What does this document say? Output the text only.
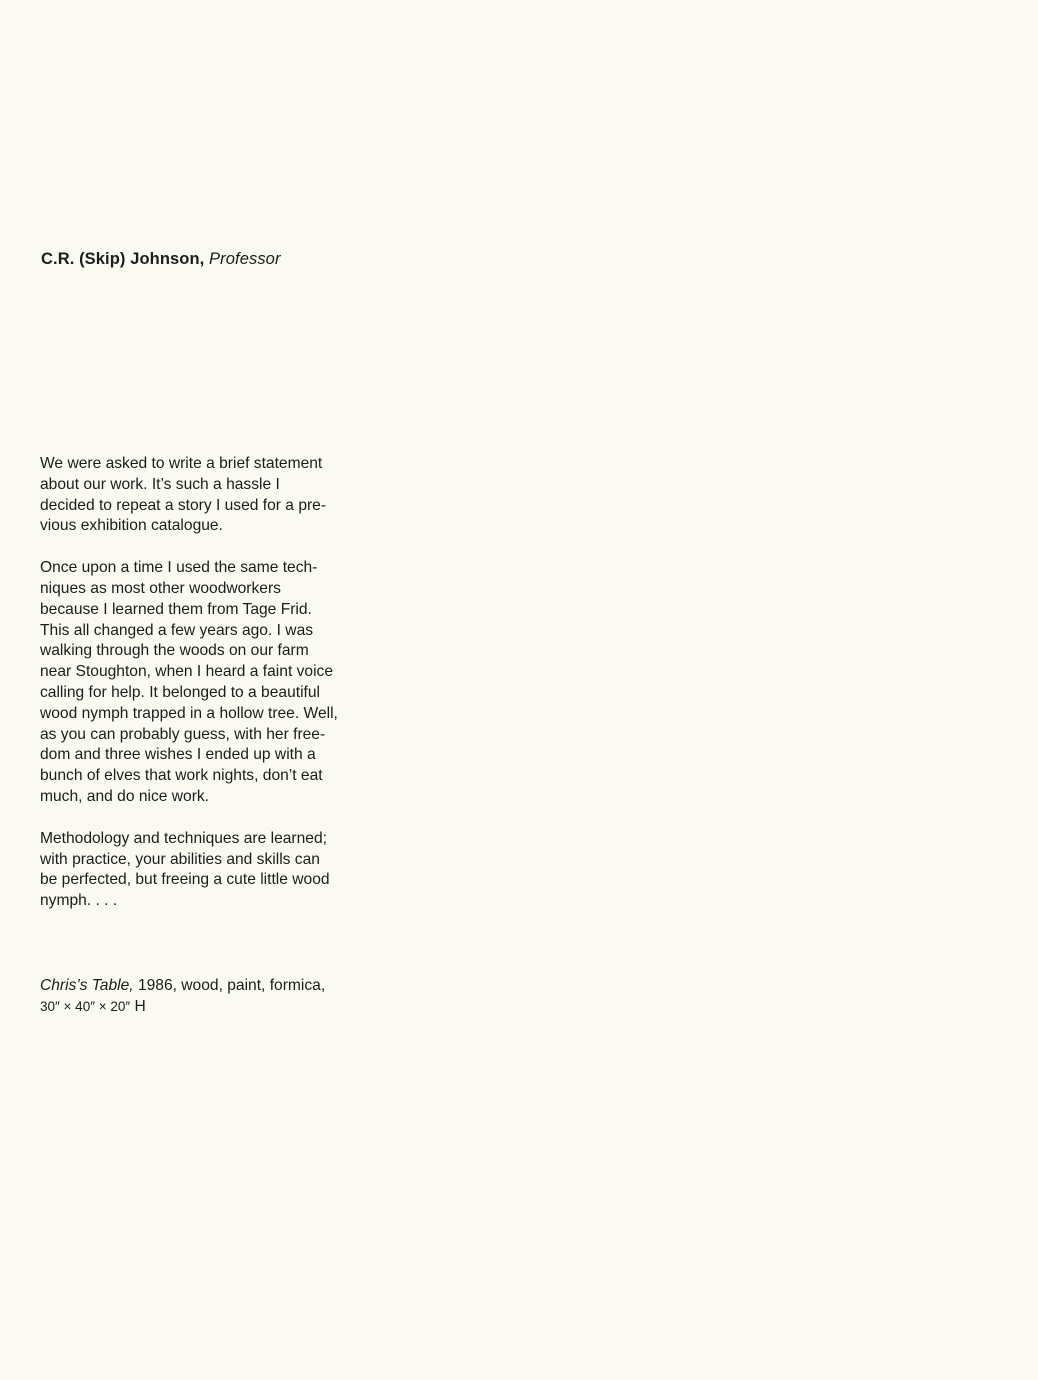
C.R. (Skip) Johnson, Professor

We were asked to write a brief statement
about our work. It’s such a hassle I
decided to repeat a story I used for a pre-
vious exhibition catalogue.

Once upon a time I used the same tech-
niques as most other woodworkers
because I learned them from Tage Frid.
This all changed a few years ago. I was
walking through the woods on our farm
near Stoughton, when I heard a faint voice
calling for help. It belonged to a beautiful
wood nymph trapped in a hollow tree. Well,
as you can probably guess, with her free-
dom and three wishes I ended up with a
bunch of elves that work nights, don’t eat
much, and do nice work.

Methodology and techniques are learned;
with practice, your abilities and skills can
be perfected, but freeing a cute little wood
nymph. . . .

Chris’s Table, 1986, wood, paint, formica,
30″ × 40″ × 20″ H
